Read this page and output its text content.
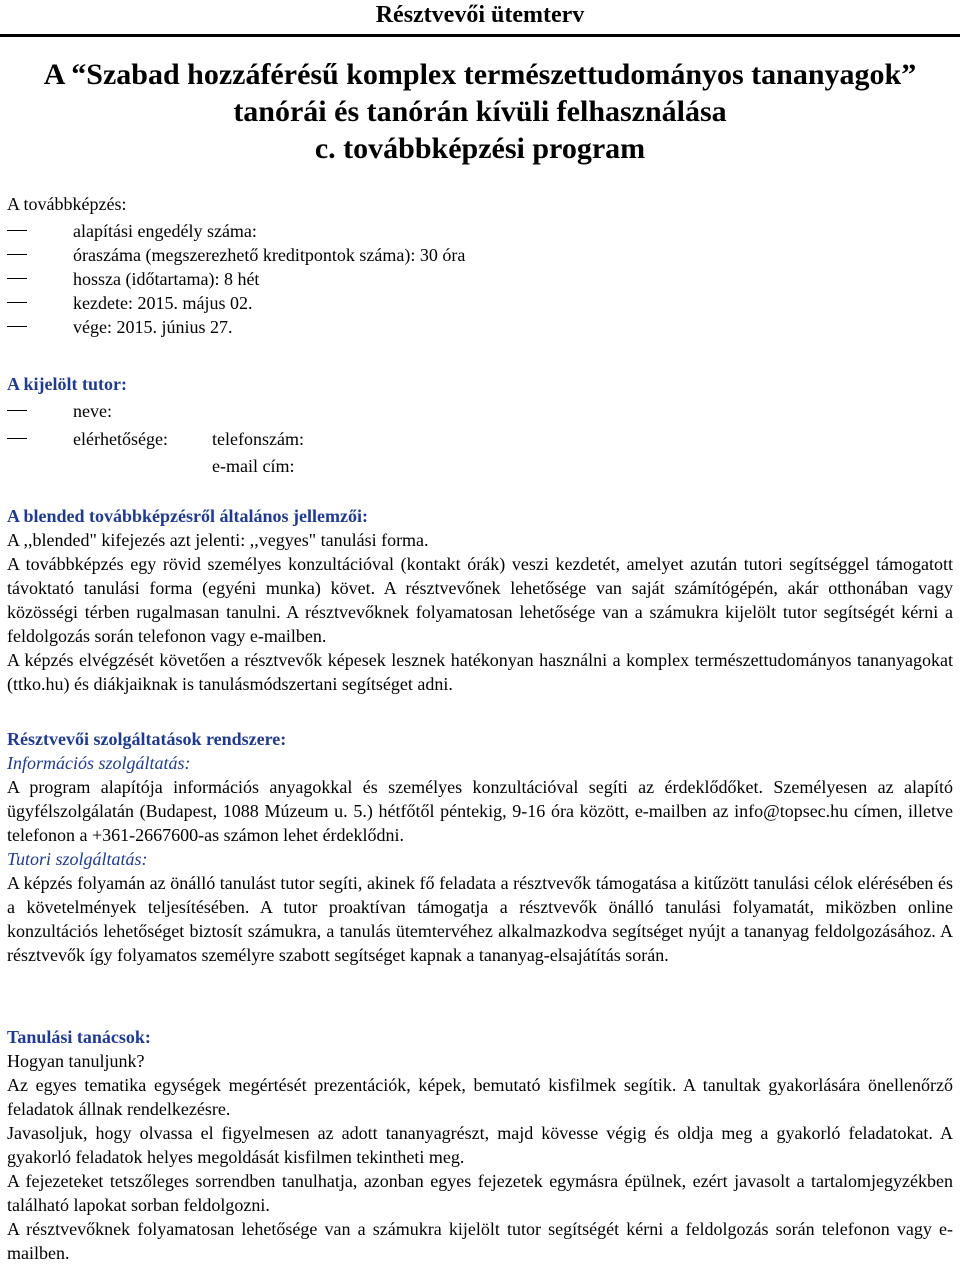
Résztvevői ütemterv
A “Szabad hozzáférésű komplex természettudományos tananyagok”
tanórái és tanórán kívüli felhasználása
c. továbbképzési program
A továbbképzés:
alapítási engedély száma:
óraszáma (megszerezhető kreditpontok száma): 30 óra
hossza (időtartama): 8 hét
kezdete: 2015. május 02.
vége: 2015. június 27.
A kijelölt tutor:
neve:
elérhetősége: telefonszám:
e-mail cím:

A blended továbbképzésről általános jellemzői:

A ,,blended" kifejezés azt jelenti: ,,vegyes" tanulási forma.

A továbbképzés egy rövid személyes konzultációval (kontakt órák) veszi kezdetét, amelyet azután tutori segítséggel támogatott távoktató tanulási forma (egyéni munka) követ. A résztvevőnek lehetősége van saját számítógépén, akár otthonában vagy közösségi térben rugalmasan tanulni. A résztvevőknek folyamatosan lehetősége van a számukra kijelölt tutor segítségét kérni a feldolgozás során telefonon vagy e-mailben.

A képzés elvégzését követően a résztvevők képesek lesznek hatékonyan használni a komplex természettudományos tananyagokat (ttko.hu) és diákjaiknak is tanulásmódszertani segítséget adni.

Résztvevői szolgáltatások rendszere:

Információs szolgáltatás:

A program alapítója információs anyagokkal és személyes konzultációval segíti az érdeklődőket. Személyesen az alapító ügyfélszolgálatán (Budapest, 1088 Múzeum u. 5.) hétfőtől péntekig, 9-16 óra között, e-mailben az info@topsec.hu címen, illetve telefonon a +361-2667600-as számon lehet érdeklődni.

Tutori szolgáltatás:

A képzés folyamán az önálló tanulást tutor segíti, akinek fő feladata a résztvevők támogatása a kitűzött tanulási célok elérésében és a követelmények teljesítésében. A tutor proaktívan támogatja a résztvevők önálló tanulási folyamatát, miközben online konzultációs lehetőséget biztosít számukra, a tanulás ütemtervéhez alkalmazkodva segítséget nyújt a tananyag feldolgozásához. A résztvevők így folyamatos személyre szabott segítséget kapnak a tananyag-elsajátítás során.

Tanulási tanácsok:

Hogyan tanuljunk?

Az egyes tematika egységek megértését prezentációk, képek, bemutató kisfilmek segítik. A tanultak gyakorlására önellenőrző feladatok állnak rendelkezésre.

Javasoljuk, hogy olvassa el figyelmesen az adott tananyagrészt, majd kövesse végig és oldja meg a gyakorló feladatokat. A gyakorló feladatok helyes megoldását kisfilmen tekintheti meg.

A fejezeteket tetszőleges sorrendben tanulhatja, azonban egyes fejezetek egymásra épülnek, ezért javasolt a tartalomjegyzékben található lapokat sorban feldolgozni.

A résztvevőknek folyamatosan lehetősége van a számukra kijelölt tutor segítségét kérni a feldolgozás során telefonon vagy e-mailben.
